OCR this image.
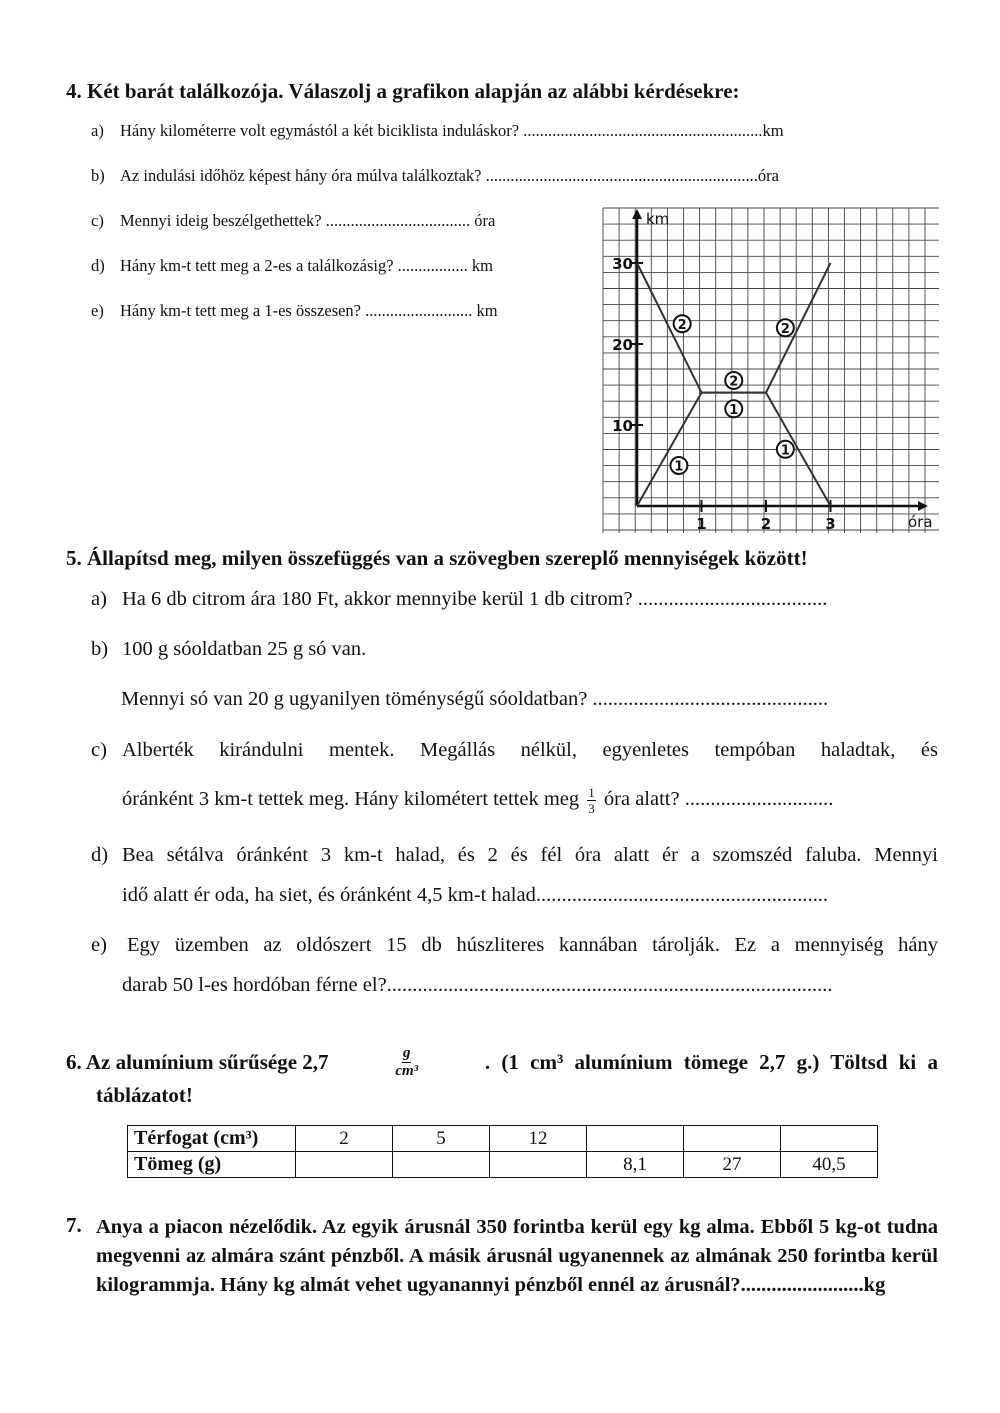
4. Két barát találkozója. Válaszolj a grafikon alapján az alábbi kérdésekre:
a) Hány kilométerre volt egymástól a két biciklista induláskor? ..........................................................km
b) Az indulási időhöz képest hány óra múlva találkoztak? ..................................................................óra
c) Mennyi ideig beszélgethettek? ................................... óra
d) Hány km-t tett meg a 2-es a találkozásig? ................. km
e) Hány km-t tett meg a 1-es összesen? .......................... km
1	2	3
10
20
30
óra
km
1
2
2
1
2
1
5. Állapítsd meg, milyen összefüggés van a szövegben szereplő mennyiségek között!
a) Ha 6 db citrom ára 180 Ft, akkor mennyibe kerül 1 db citrom? .....................................
b) 100 g sóoldatban 25 g só van.
Mennyi só van 20 g ugyanilyen töménységű sóoldatban? ..............................................
c) Alberték kirándulni mentek. Megállás nélkül, egyenletes tempóban haladtak, és
óránként 3 km-t tettek meg. Hány kilométert tettek meg $\frac{1}{3}$ óra alatt? .............................
d) Bea sétálva óránként 3 km-t halad, és 2 és fél óra alatt ér a szomszéd faluba. Mennyi
idő alatt ér oda, ha siet, és óránként 4,5 km-t halad.........................................................
e) Egy üzemben az oldószert 15 db húszliteres kannában tárolják. Ez a mennyiség hány
darab 50 l-es hordóban férne el?.......................................................................................
6. Az alumínium sűrűsége 2,7	$\frac{g}{\text{cm³}}$	. (1 cm³ alumínium tömege 2,7 g.) Töltsd ki a
táblázatot!
Térfogat (cm³)	2	5	12			
Tömeg (g)				8,1	27	40,5
7. Anya a piacon nézelődik. Az egyik árusnál 350 forintba kerül egy kg alma. Ebből 5 kg-ot tudna megvenni az almára szánt pénzből. A másik árusnál ugyanennek az almának 250 forintba kerül kilogrammja. Hány kg almát vehet ugyanannyi pénzből ennél az árusnál?........................kg
